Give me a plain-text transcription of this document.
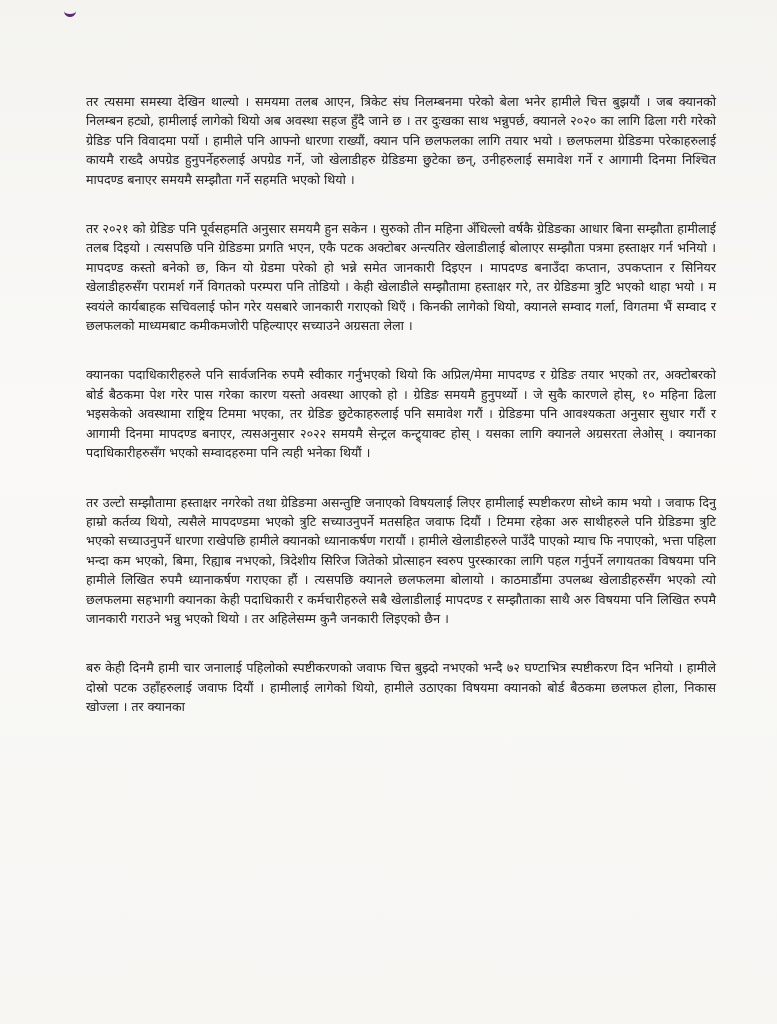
तर त्यसमा समस्या देखिन थाल्यो । समयमा तलब आएन, त्रिकेट संघ निलम्बनमा परेको बेला भनेर हामीले चित्त बुझयौं । जब क्यानको निलम्बन हट्यो, हामीलाई लागेको थियो अब अवस्था सहज हुँदै जाने छ । तर दुःखका साथ भन्नुपर्छ, क्यानले २०२० का लागि ढिला गरी गरेको ग्रेडिङ पनि विवादमा पर्यो । हामीले पनि आफ्नो धारणा राख्यौं, क्यान पनि छलफलका लागि तयार भयो । छलफलमा ग्रेडिङमा परेकाहरुलाई कायमै राख्दै अपग्रेड हुनुपर्नेहरुलाई अपग्रेड गर्ने, जो खेलाडीहरु ग्रेडिङमा छुटेका छन्, उनीहरुलाई समावेश गर्ने र आगामी दिनमा निश्चित मापदण्ड बनाएर समयमै सम्झौता गर्ने सहमति भएको थियो ।

तर २०२१ को ग्रेडिङ पनि पूर्वसहमति अनुसार समयमै हुन सकेन । सुरुको तीन महिना अँधिल्लो वर्षकै ग्रेडिङका आधार बिना सम्झौता हामीलाई तलब दिइयो । त्यसपछि पनि ग्रेडिङमा प्रगति भएन, एकै पटक अक्टोबर अन्त्यतिर खेलाडीलाई बोलाएर सम्झौता पत्रमा हस्ताक्षर गर्न भनियो । मापदण्ड कस्तो बनेको छ, किन यो ग्रेडमा परेको हो भन्ने समेत जानकारी दिइएन । मापदण्ड बनाउँदा कप्तान, उपकप्तान र सिनियर खेलाडीहरुसँग परामर्श गर्ने विगतको परम्परा पनि तोडियो । केही खेलाडीले सम्झौतामा हस्ताक्षर गरे, तर ग्रेडिङमा त्रुटि भएको थाहा भयो । म स्वयंले कार्यबाहक सचिवलाई फोन गरेर यसबारे जानकारी गराएको थिएँ । किनकी लागेको थियो, क्यानले सम्वाद गर्ला, विगतमा भैं सम्वाद र छलफलको माध्यमबाट कमीकमजोरी पहिल्याएर सच्याउने अग्रसता लेला ।

क्यानका पदाधिकारीहरुले पनि सार्वजनिक रुपमै स्वीकार गर्नुभएको थियो कि अप्रिल/मेमा मापदण्ड र ग्रेडिङ तयार भएको तर, अक्टोबरको बोर्ड बैठकमा पेश गरेर पास गरेका कारण यस्तो अवस्था आएको हो । ग्रेडिङ समयमै हुनुपर्थ्यो । जे सुकै कारणले होस्, १० महिना ढिला भइसकेको अवस्थामा राष्ट्रिय टिममा भएका, तर ग्रेडिङ छुटेकाहरुलाई पनि समावेश गरौं । ग्रेडिङमा पनि आवश्यकता अनुसार सुधार गरौं र आगामी दिनमा मापदण्ड बनाएर, त्यसअनुसार २०२२ समयमै सेन्ट्रल कन्ट्र्याक्ट होस् । यसका लागि क्यानले अग्रसरता लेओस् । क्यानका पदाधिकारीहरुसँग भएको सम्वादहरुमा पनि त्यही भनेका थियौं ।

तर उल्टो सम्झौतामा हस्ताक्षर नगरेको तथा ग्रेडिङमा असन्तुष्टि जनाएको विषयलाई लिएर हामीलाई स्पष्टीकरण सोध्ने काम भयो । जवाफ दिनु हाम्रो कर्तव्य थियो, त्यसैले मापदण्डमा भएको त्रुटि सच्याउनुपर्ने मतसहित जवाफ दियौं । टिममा रहेका अरु साथीहरुले पनि ग्रेडिङमा त्रुटि भएको सच्याउनुपर्ने धारणा राखेपछि हामीले क्यानको ध्यानाकर्षण गरायौं । हामीले खेलाडीहरुले पाउँदै पाएको म्याच फि नपाएको, भत्ता पहिला भन्दा कम भएको, बिमा, रिह्याब नभएको, त्रिदेशीय सिरिज जितेको प्रोत्साहन स्वरुप पुरस्कारका लागि पहल गर्नुपर्ने लगायतका विषयमा पनि हामीले लिखित रुपमै ध्यानाकर्षण गराएका हौं । त्यसपछि क्यानले छलफलमा बोलायो । काठमाडौंमा उपलब्ध खेलाडीहरुसँग भएको त्यो छलफलमा सहभागी क्यानका केही पदाधिकारी र कर्मचारीहरुले सबै खेलाडीलाई मापदण्ड र सम्झौताका साथै अरु विषयमा पनि लिखित रुपमै जानकारी गराउने भन्नु भएको थियो । तर अहिलेसम्म कुनै जनकारी लिइएको छैन ।

बरु केही दिनमै हामी चार जनालाई पहिलोको स्पष्टीकरणको जवाफ चित्त बुझ्दो नभएको भन्दै ७२ घण्टाभित्र स्पष्टीकरण दिन भनियो । हामीले दोस्रो पटक उहाँहरुलाई जवाफ दियौं । हामीलाई लागेको थियो, हामीले उठाएका विषयमा क्यानको बोर्ड बैठकमा छलफल होला, निकास खोज्ला । तर क्यानका
